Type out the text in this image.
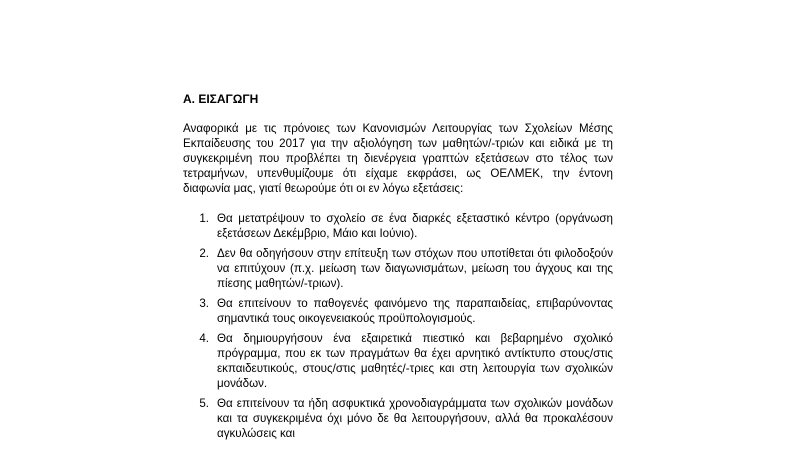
Α. ΕΙΣΑΓΩΓΗ

Αναφορικά με τις πρόνοιες των Κανονισμών Λειτουργίας των Σχολείων Μέσης Εκπαίδευσης του 2017 για την αξιολόγηση των μαθητών/-τριών και ειδικά με τη συγκεκριμένη που προβλέπει τη διενέργεια γραπτών εξετάσεων στο τέλος των τετραμήνων, υπενθυμίζουμε ότι είχαμε εκφράσει, ως ΟΕΛΜΕΚ, την έντονη διαφωνία μας, γιατί θεωρούμε ότι οι εν λόγω εξετάσεις:

1. Θα μετατρέψουν το σχολείο σε ένα διαρκές εξεταστικό κέντρο (οργάνωση εξετάσεων Δεκέμβριο, Μάιο και Ιούνιο).
2. Δεν θα οδηγήσουν στην επίτευξη των στόχων που υποτίθεται ότι φιλοδοξούν να επιτύχουν (π.χ. μείωση των διαγωνισμάτων, μείωση του άγχους και της πίεσης μαθητών/-τριων).
3. Θα επιτείνουν το παθογενές φαινόμενο της παραπαιδείας, επιβαρύνοντας σημαντικά τους οικογενειακούς προϋπολογισμούς.
4. Θα δημιουργήσουν ένα εξαιρετικά πιεστικό και βεβαρημένο σχολικό πρόγραμμα, που εκ των πραγμάτων θα έχει αρνητικό αντίκτυπο στους/στις εκπαιδευτικούς, στους/στις μαθητές/-τριες και στη λειτουργία των σχολικών μονάδων.
5. Θα επιτείνουν τα ήδη ασφυκτικά χρονοδιαγράμματα των σχολικών μονάδων και τα συγκεκριμένα όχι μόνο δε θα λειτουργήσουν, αλλά θα προκαλέσουν αγκυλώσεις και
